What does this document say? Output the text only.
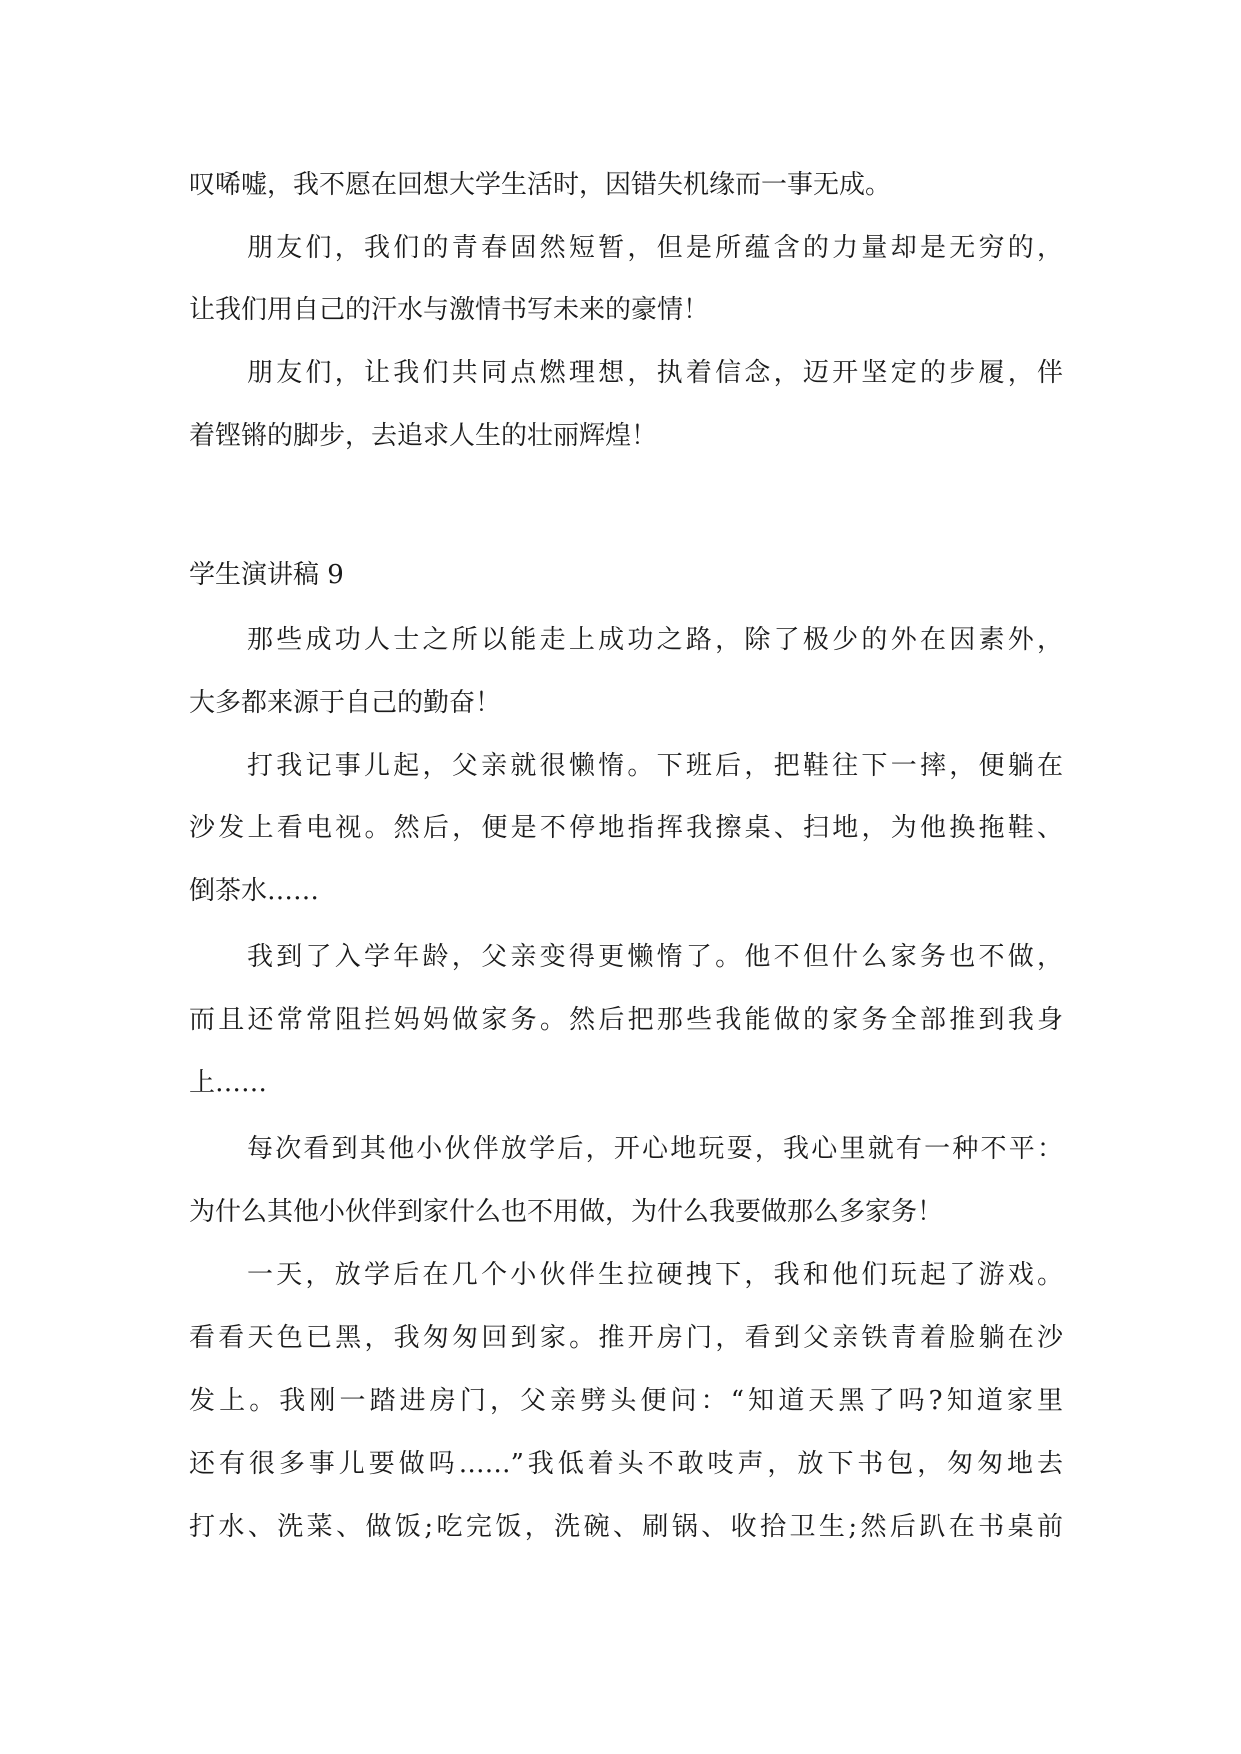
叹唏嘘，我不愿在回想大学生活时，因错失机缘而一事无成。
朋友们，我们的青春固然短暂，但是所蕴含的力量却是无穷的，
让我们用自己的汗水与激情书写未来的豪情！
朋友们，让我们共同点燃理想，执着信念，迈开坚定的步履，伴
着铿锵的脚步，去追求人生的壮丽辉煌！
学生演讲稿 9
那些成功人士之所以能走上成功之路，除了极少的外在因素外，
大多都来源于自己的勤奋！
打我记事儿起，父亲就很懒惰。下班后，把鞋往下一摔，便躺在
沙发上看电视。然后，便是不停地指挥我擦桌、扫地，为他换拖鞋、
倒茶水……
我到了入学年龄，父亲变得更懒惰了。他不但什么家务也不做，
而且还常常阻拦妈妈做家务。然后把那些我能做的家务全部推到我身
上……
每次看到其他小伙伴放学后，开心地玩耍，我心里就有一种不平：
为什么其他小伙伴到家什么也不用做，为什么我要做那么多家务！
一天，放学后在几个小伙伴生拉硬拽下，我和他们玩起了游戏。
看看天色已黑，我匆匆回到家。推开房门，看到父亲铁青着脸躺在沙
发上。我刚一踏进房门，父亲劈头便问：“知道天黑了吗?知道家里
还有很多事儿要做吗……”我低着头不敢吱声，放下书包，匆匆地去
打水、洗菜、做饭;吃完饭，洗碗、刷锅、收拾卫生;然后趴在书桌前
